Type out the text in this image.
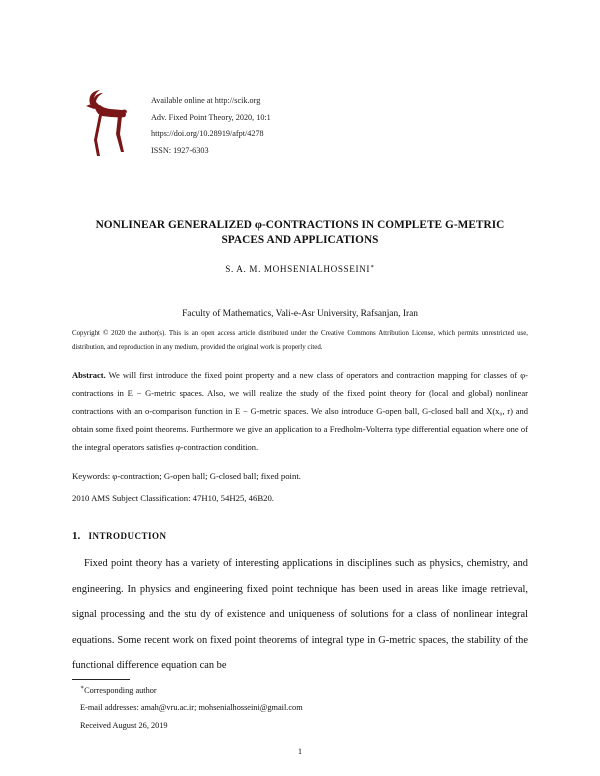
Available online at http://scik.org
Adv. Fixed Point Theory, 2020, 10:1
https://doi.org/10.28919/afpt/4278
ISSN: 1927-6303
NONLINEAR GENERALIZED φ-CONTRACTIONS IN COMPLETE G-METRIC
SPACES AND APPLICATIONS
S. A. M. MOHSENIALHOSSEINI∗
Faculty of Mathematics, Vali-e-Asr University, Rafsanjan, Iran
Copyright © 2020 the author(s). This is an open access article distributed under the Creative Commons Attribution License, which permits unrestricted use, distribution, and reproduction in any medium, provided the original work is properly cited.
Abstract. We will first introduce the fixed point property and a new class of operators and contraction mapping for classes of φ-contractions in E − G-metric spaces. Also, we will realize the study of the fixed point theory for (local and global) nonlinear contractions with an o-comparison function in E − G-metric spaces. We also introduce G-open ball, G-closed ball and X(x₀, r) and obtain some fixed point theorems. Furthermore we give an application to a Fredholm-Volterra type differential equation where one of the integral operators satisfies φ-contraction condition.
Keywords: φ-contraction; G-open ball; G-closed ball; fixed point.
2010 AMS Subject Classification: 47H10, 54H25, 46B20.
1. INTRODUCTION
Fixed point theory has a variety of interesting applications in disciplines such as physics, chemistry, and engineering. In physics and engineering fixed point technique has been used in areas like image retrieval, signal processing and the stu dy of existence and uniqueness of solutions for a class of nonlinear integral equations. Some recent work on fixed point theorems of integral type in G-metric spaces, the stability of the functional difference equation can be
∗Corresponding author
E-mail addresses: amah@vru.ac.ir; mohsenialhosseini@gmail.com
Received August 26, 2019
1
